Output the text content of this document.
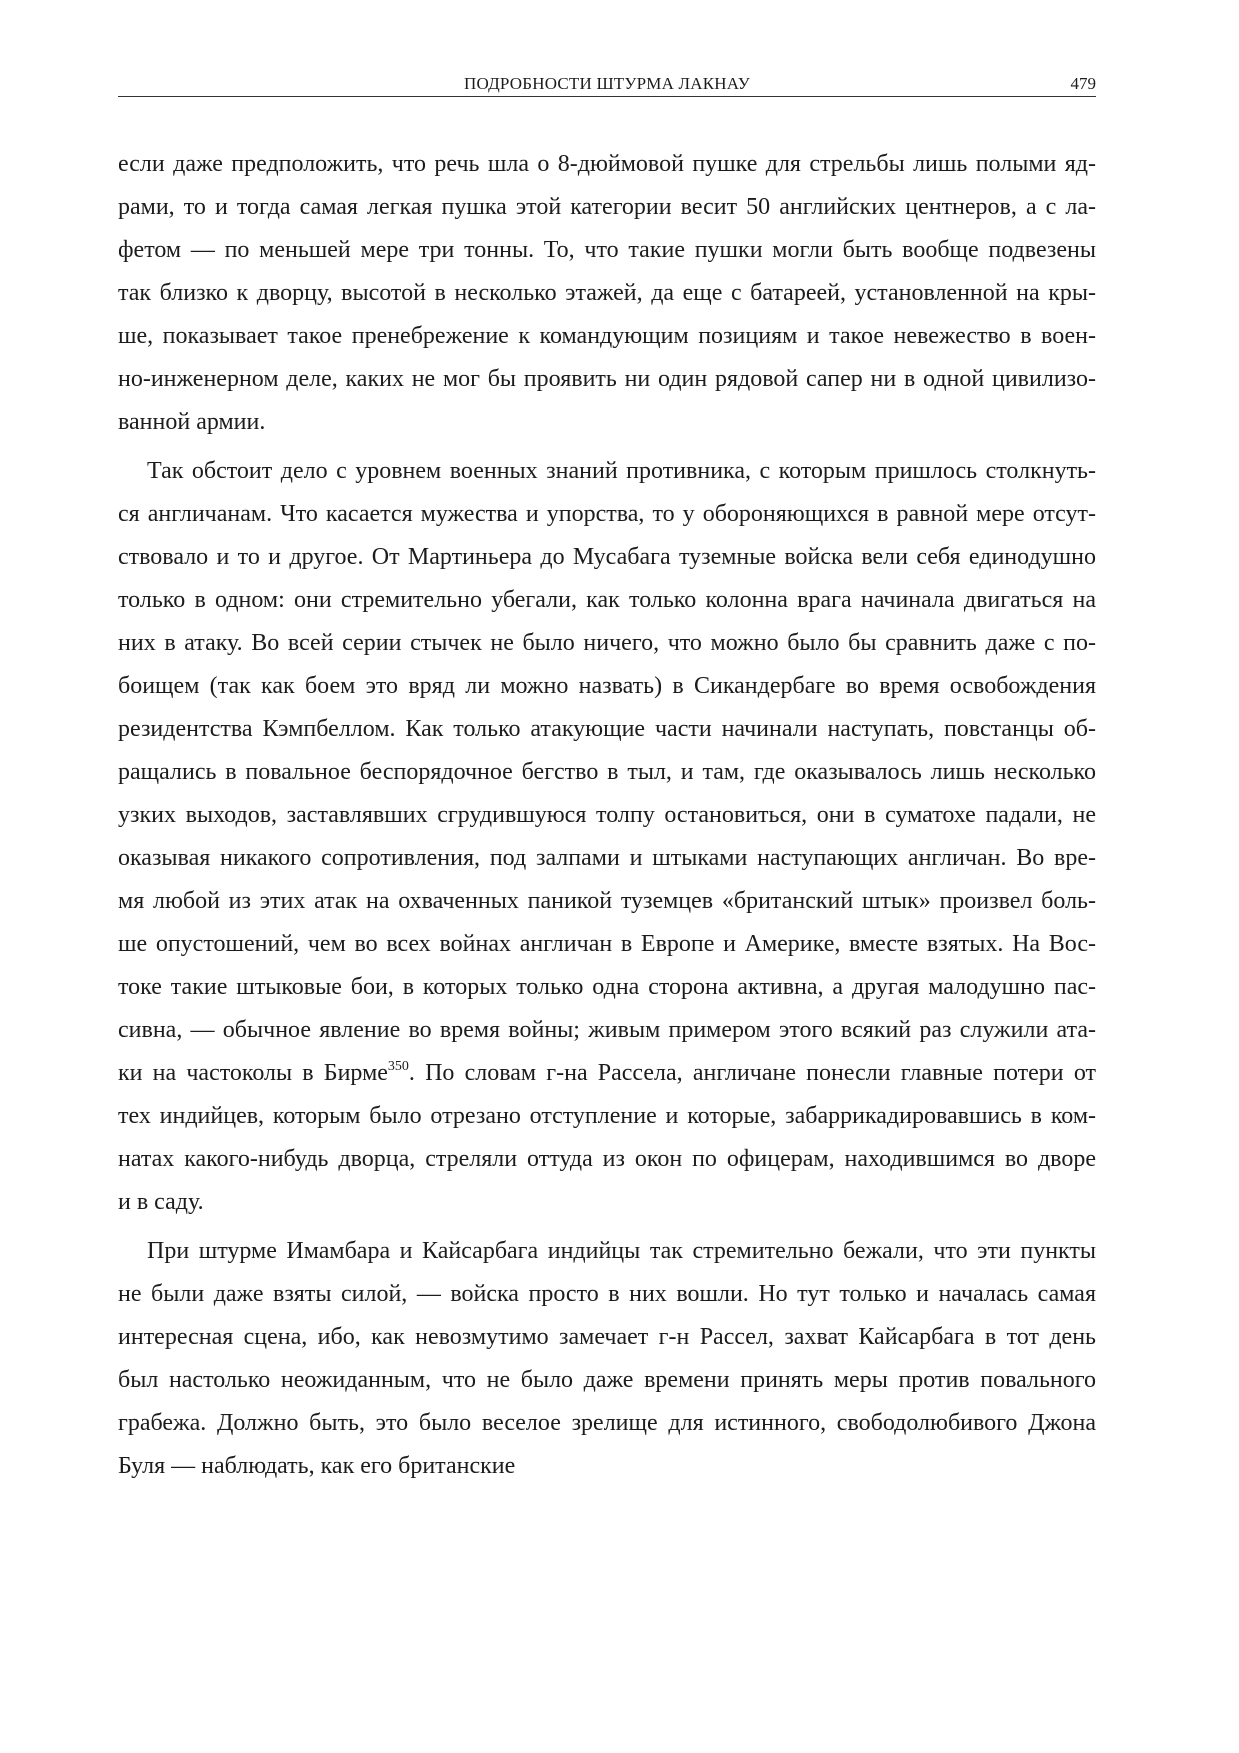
ПОДРОБНОСТИ ШТУРМА ЛАКНАУ	479
если даже предположить, что речь шла о 8-дюймовой пушке для стрельбы лишь полыми яд-
рами, то и тогда самая легкая пушка этой категории весит 50 английских центнеров, а с ла-
фетом — по меньшей мере три тонны. То, что такие пушки могли быть вообще подвезены
так близко к дворцу, высотой в несколько этажей, да еще с батареей, установленной на кры-
ше, показывает такое пренебрежение к командующим позициям и такое невежество в воен-
но-инженерном деле, каких не мог бы проявить ни один рядовой сапер ни в одной цивилизо-
ванной армии.
Так обстоит дело с уровнем военных знаний противника, с которым пришлось столкнуть-
ся англичанам. Что касается мужества и упорства, то у обороняющихся в равной мере отсут-
ствовало и то и другое. От Мартиньера до Мусабага туземные войска вели себя единодушно
только в одном: они стремительно убегали, как только колонна врага начинала двигаться на
них в атаку. Во всей серии стычек не было ничего, что можно было бы сравнить даже с по-
боищем (так как боем это вряд ли можно назвать) в Сикандербаге во время освобождения
резидентства Кэмпбеллом. Как только атакующие части начинали наступать, повстанцы об-
ращались в повальное беспорядочное бегство в тыл, и там, где оказывалось лишь несколько
узких выходов, заставлявших сгрудившуюся толпу остановиться, они в суматохе падали, не
оказывая никакого сопротивления, под залпами и штыками наступающих англичан. Во вре-
мя любой из этих атак на охваченных паникой туземцев «британский штык» произвел боль-
ше опустошений, чем во всех войнах англичан в Европе и Америке, вместе взятых. На Вос-
токе такие штыковые бои, в которых только одна сторона активна, а другая малодушно пас-
сивна, — обычное явление во время войны; живым примером этого всякий раз служили ата-
ки на частоколы в Бирме$^{350}$. По словам г-на Рассела, англичане понесли главные потери от
тех индийцев, которым было отрезано отступление и которые, забаррикадировавшись в ком-
натах какого-нибудь дворца, стреляли оттуда из окон по офицерам, находившимся во дворе
и в саду.
При штурме Имамбара и Кайсарбага индийцы так стремительно бежали, что эти пункты
не были даже взяты силой, — войска просто в них вошли. Но тут только и началась самая
интересная сцена, ибо, как невозмутимо замечает г-н Рассел, захват Кайсарбага в тот день
был настолько неожиданным, что не было даже времени принять меры против повального
грабежа. Должно быть, это было веселое зрелище для истинного, свободолюбивого Джона
Буля — наблюдать, как его британские
